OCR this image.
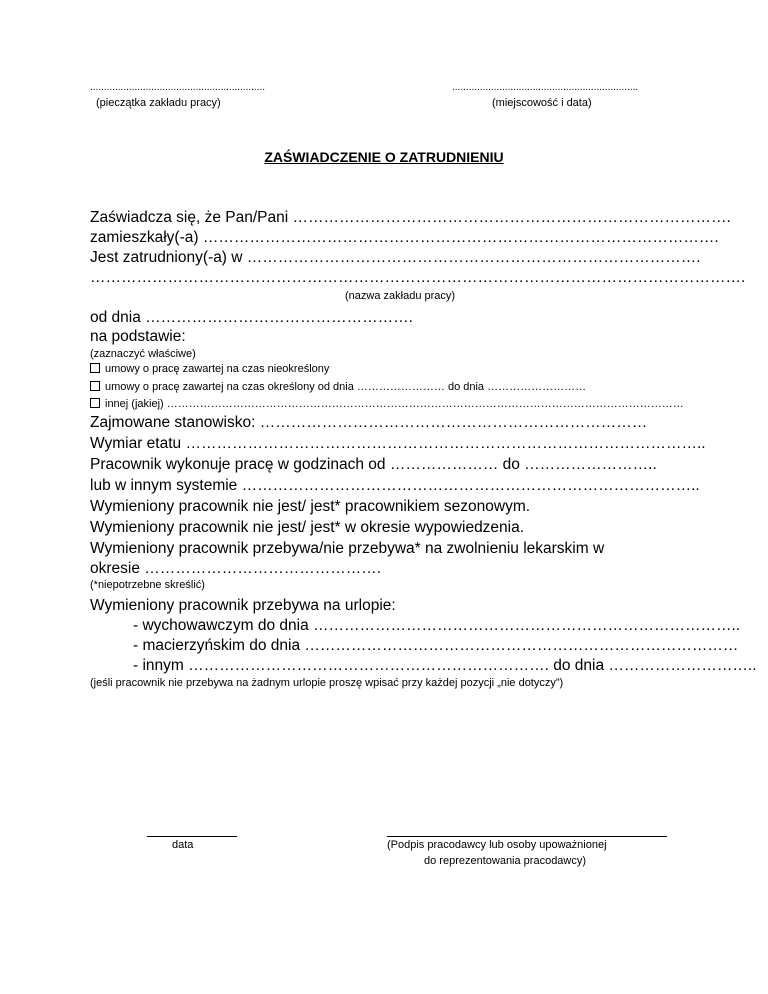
...............................................................
(pieczątka zakładu pracy)
...................................................................
(miejscowość i data)
ZAŚWIADCZENIE O ZATRUDNIENIU
Zaświadcza się, że Pan/Pani ………………………………………………………………………….
zamieszkały(-a) ……………………………………………………………………………………….
Jest zatrudniony(-a) w …………………………………………………………………………….
……………………………………………………………………………………………………………….
(nazwa zakładu pracy)
od dnia …………………………………………….
na podstawie:
(zaznaczyć właściwe)
umowy o pracę zawartej na czas nieokreślony
umowy o pracę zawartej na czas określony od dnia …………………… do dnia ………………………
innej (jakiej) ……………………………………………………………………………………………………………………………
Zajmowane stanowisko: …………………………………………………………………
Wymiar etatu ………………………………………………………………………………………..
Pracownik wykonuje pracę w godzinach od ………………… do ……………………..
lub w innym systemie ……………………………………………………………………………..
Wymieniony pracownik nie jest/ jest* pracownikiem sezonowym.
Wymieniony pracownik nie jest/ jest* w okresie wypowiedzenia.
Wymieniony pracownik przebywa/nie przebywa* na zwolnieniu lekarskim w
okresie ……………………………………….
(*niepotrzebne skreślić)
Wymieniony pracownik przebywa na urlopie:
- wychowawczym do dnia ………………………………………………………………………..
- macierzyńskim do dnia …………………………………………………………………………
- innym ……………………………………………………………. do dnia ………………………..
(jeśli pracownik nie przebywa na żadnym urlopie proszę wpisać przy każdej pozycji „nie dotyczy”)
data	(Podpis pracodawcy lub osoby upoważnionej
do reprezentowania pracodawcy)
